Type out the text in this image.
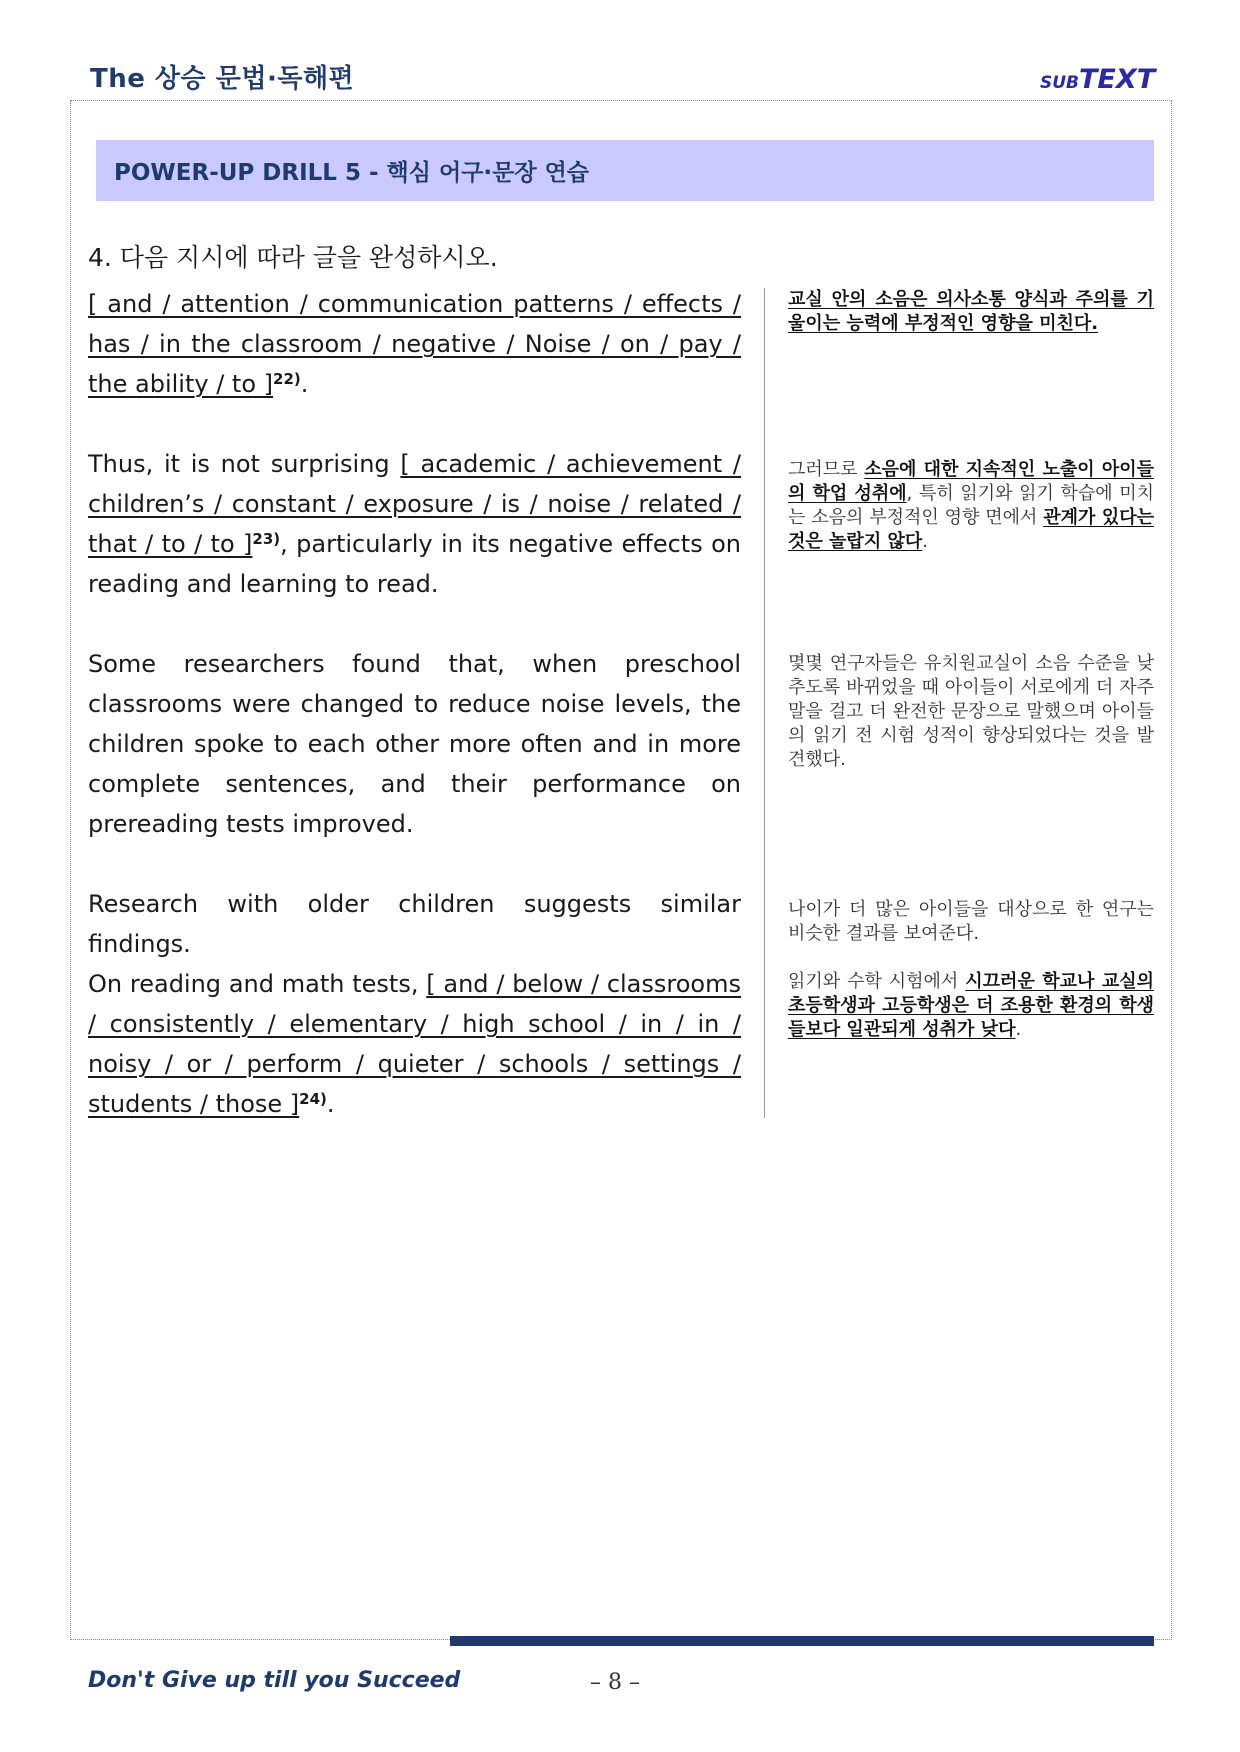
The 상승 문법·독해편	SUBTEXT
POWER-UP DRILL 5 - 핵심 어구·문장 연습
4. 다음 지시에 따라 글을 완성하시오.
[ and / attention / communication patterns / effects / has / in the classroom / negative / Noise / on / pay / the ability / to ]$^{22)}$.
교실 안의 소음은 의사소통 양식과 주의를 기울이는 능력에 부정적인 영향을 미친다.
Thus, it is not surprising [ academic / achievement / children’s / constant / exposure / is / noise / related / that / to / to ]$^{23)}$, particularly in its negative effects on reading and learning to read.
그러므로 소음에 대한 지속적인 노출이 아이들의 학업 성취에, 특히 읽기와 읽기 학습에 미치는 소음의 부정적인 영향 면에서 관계가 있다는 것은 놀랍지 않다.
Some researchers found that, when preschool classrooms were changed to reduce noise levels, the children spoke to each other more often and in more complete sentences, and their performance on prereading tests improved.
몇몇 연구자들은 유치원교실이 소음 수준을 낮추도록 바뀌었을 때 아이들이 서로에게 더 자주 말을 걸고 더 완전한 문장으로 말했으며 아이들의 읽기 전 시험 성적이 향상되었다는 것을 발견했다.
Research with older children suggests similar findings.
나이가 더 많은 아이들을 대상으로 한 연구는 비슷한 결과를 보여준다.
On reading and math tests, [ and / below / classrooms / consistently / elementary / high school / in / in / noisy / or / perform / quieter / schools / settings / students / those ]$^{24)}$.
읽기와 수학 시험에서 시끄러운 학교나 교실의 초등학생과 고등학생은 더 조용한 환경의 학생들보다 일관되게 성취가 낮다.
Don't Give up till you Succeed	– 8 –
